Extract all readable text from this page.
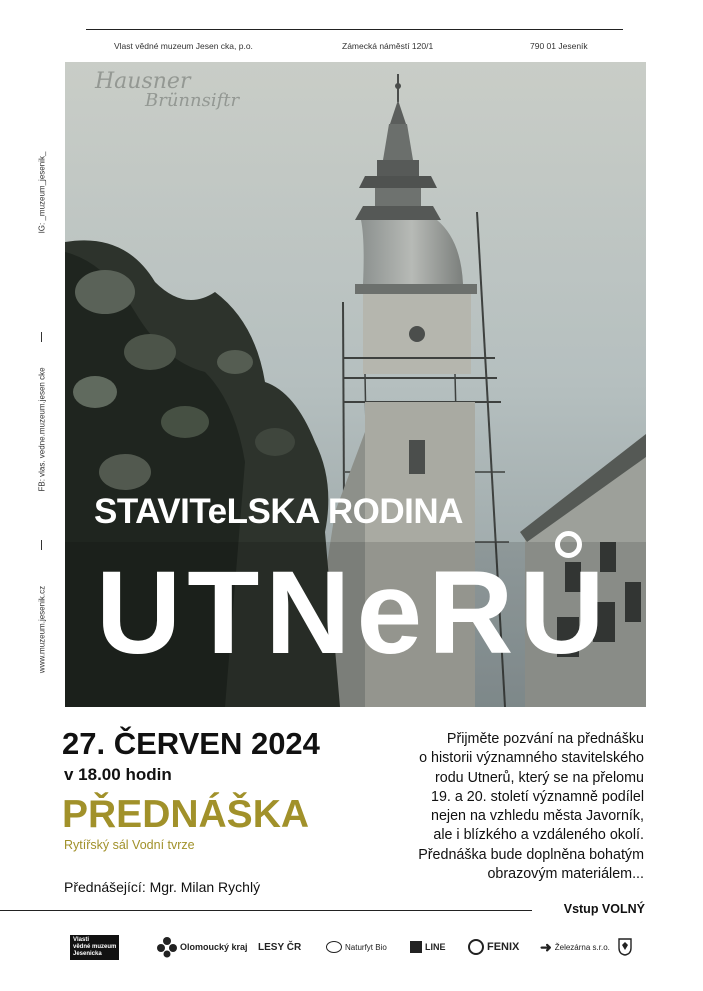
Vlast vědné muzeum Jesen cka, p.o.	Zámecká náměstí 120/1	790 01 Jeseník
IG: _muzeum_jesenik_
FB: vlas. vedne.muzeum.jesen cke
www.muzeum.jesenik.cz
Hausner
Brünnsiftr
STAVITeLSKA RODINA
UTNeRU
27. ČERVEN 2024
v 18.00 hodin
PŘEDNÁŠKA
Rytířský sál Vodní tvrze
Přednášející: Mgr. Milan Rychlý
Přijměte pozvání na přednášku
o historii významného stavitelského
rodu Utnerů, který se na přelomu
19. a 20. století významně podílel
nejen na vzhledu města Javorník,
ale i blízkého a vzdáleného okolí.
Přednáška bude doplněna bohatým
obrazovým materiálem...
Vstup VOLNÝ
Vlasti
vědné muzeum
Jesenicka
Olomoucký kraj LESY ČR	Naturfyt Bio	LINE	FENIX ➜ Železárna s.r.o.
